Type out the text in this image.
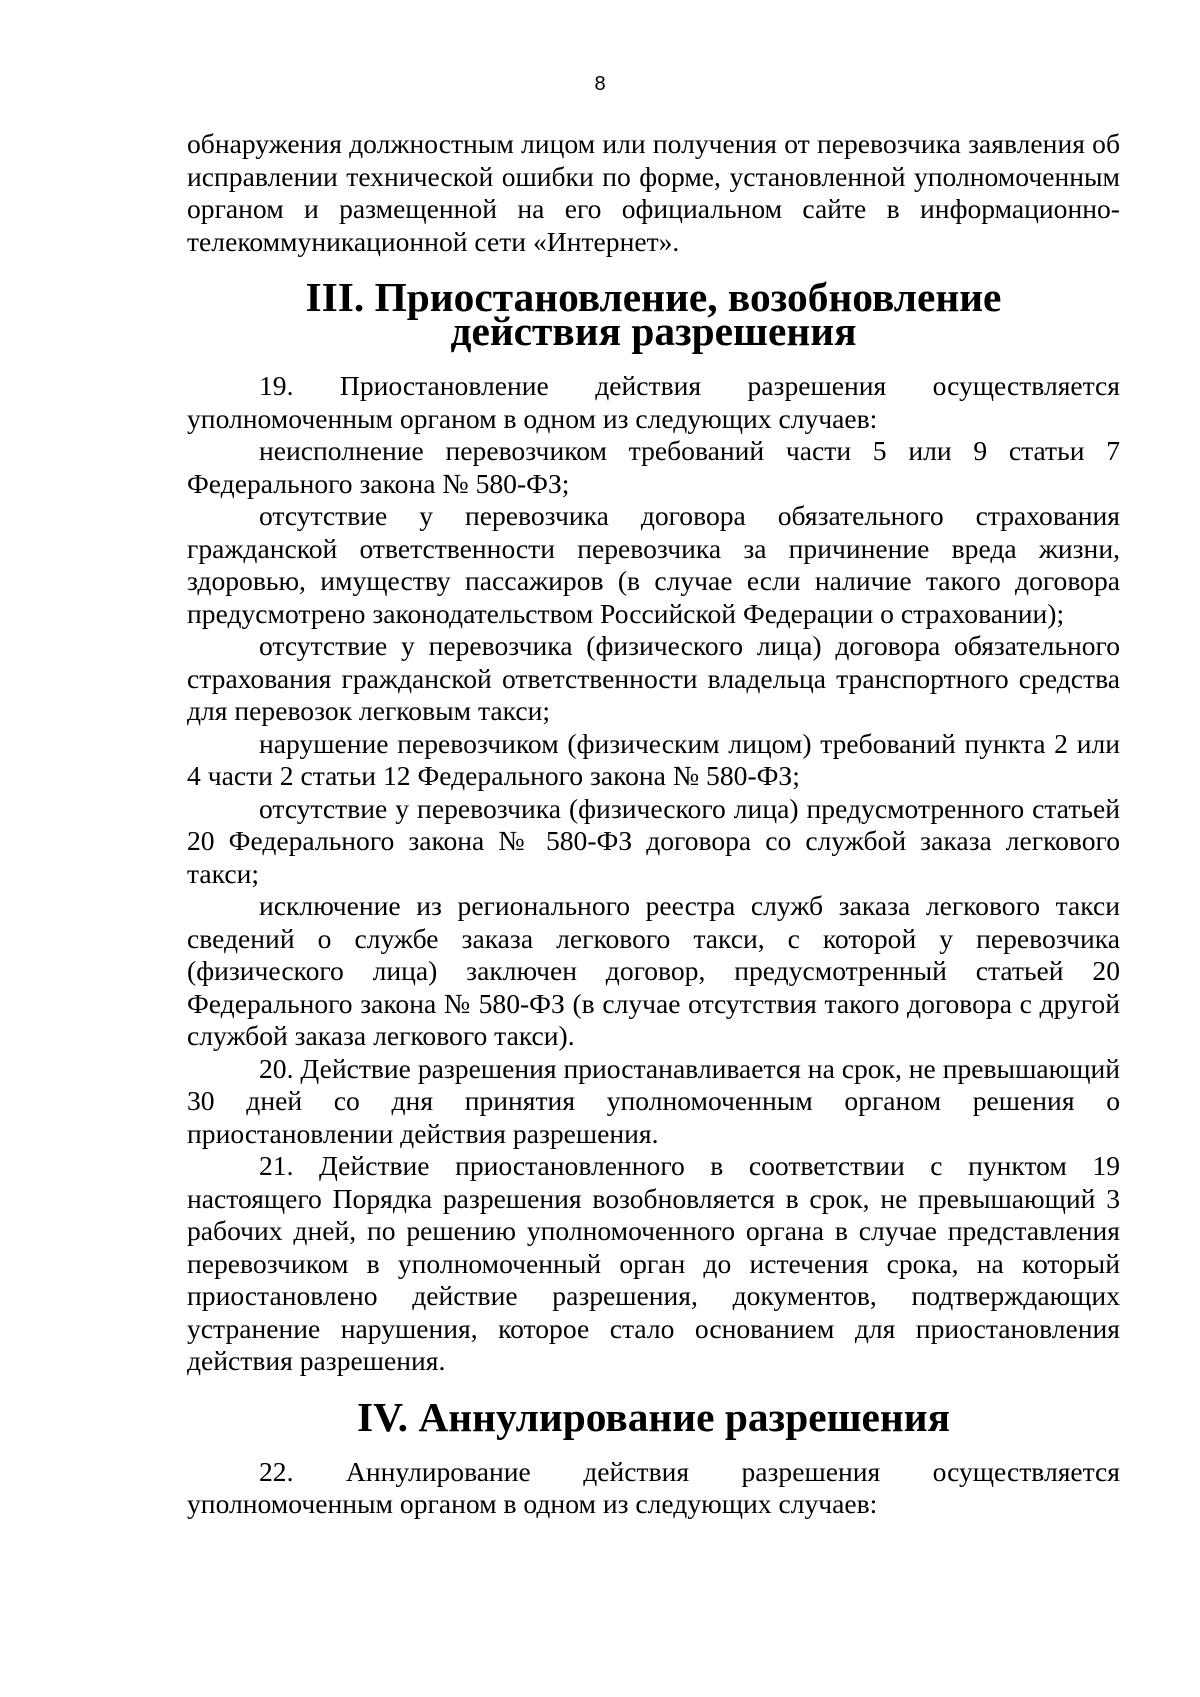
8

обнаружения должностным лицом или получения от перевозчика заявления об исправлении технической ошибки по форме, установленной уполномоченным органом и размещенной на его официальном сайте в информационно-телекоммуникационной сети «Интернет».

III. Приостановление, возобновление
действия разрешения

19. Приостановление действия разрешения осуществляется уполномоченным органом в одном из следующих случаев:

неисполнение перевозчиком требований части 5 или 9 статьи 7 Федерального закона № 580-ФЗ;

отсутствие у перевозчика договора обязательного страхования гражданской ответственности перевозчика за причинение вреда жизни, здоровью, имуществу пассажиров (в случае если наличие такого договора предусмотрено законодательством Российской Федерации о страховании);

отсутствие у перевозчика (физического лица) договора обязательного страхования гражданской ответственности владельца транспортного средства для перевозок легковым такси;

нарушение перевозчиком (физическим лицом) требований пункта 2 или 4 части 2 статьи 12 Федерального закона № 580-ФЗ;

отсутствие у перевозчика (физического лица) предусмотренного статьей 20 Федерального закона № 580-ФЗ договора со службой заказа легкового такси;

исключение из регионального реестра служб заказа легкового такси сведений о службе заказа легкового такси, с которой у перевозчика (физического лица) заключен договор, предусмотренный статьей 20 Федерального закона № 580-ФЗ (в случае отсутствия такого договора с другой службой заказа легкового такси).

20. Действие разрешения приостанавливается на срок, не превышающий 30 дней со дня принятия уполномоченным органом решения о приостановлении действия разрешения.

21. Действие приостановленного в соответствии с пунктом 19 настоящего Порядка разрешения возобновляется в срок, не превышающий 3 рабочих дней, по решению уполномоченного органа в случае представления перевозчиком в уполномоченный орган до истечения срока, на который приостановлено действие разрешения, документов, подтверждающих устранение нарушения, которое стало основанием для приостановления действия разрешения.

IV. Аннулирование разрешения

22. Аннулирование действия разрешения осуществляется уполномоченным органом в одном из следующих случаев:
